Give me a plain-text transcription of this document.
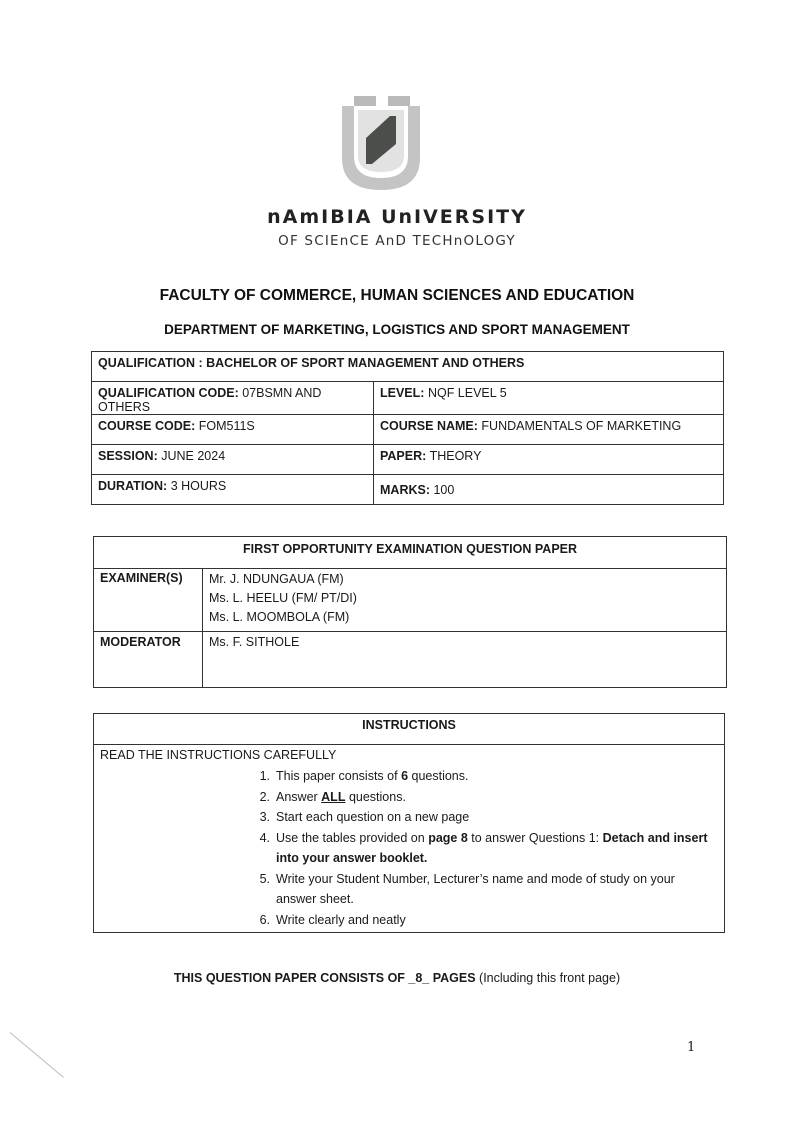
nAmIBIA UnIVERSITY
OF SCIEnCE AnD TECHnOLOGY
FACULTY OF COMMERCE, HUMAN SCIENCES AND EDUCATION
DEPARTMENT OF MARKETING, LOGISTICS AND SPORT MANAGEMENT
QUALIFICATION : BACHELOR OF SPORT MANAGEMENT AND OTHERS	
QUALIFICATION CODE: 07BSMN AND OTHERS	LEVEL: NQF LEVEL 5
COURSE CODE: FOM511S	COURSE NAME: FUNDAMENTALS OF MARKETING
SESSION: JUNE 2024	PAPER: THEORY
DURATION: 3 HOURS	MARKS: 100
FIRST OPPORTUNITY EXAMINATION QUESTION PAPER	
EXAMINER(S)	Mr. J. NDUNGAUA (FM)
Ms. L. HEELU (FM/ PT/DI)
Ms. L. MOOMBOLA (FM)

MODERATOR	Ms. F. SITHOLE
INSTRUCTIONS

READ THE INSTRUCTIONS CAREFULLY
1. This paper consists of 6 questions.
2. Answer ALL questions.
3. Start each question on a new page
4. Use the tables provided on page 8 to answer Questions 1: Detach and insert into your answer booklet.
5. Write your Student Number, Lecturer’s name and mode of study on your answer sheet.
6. Write clearly and neatly
THIS QUESTION PAPER CONSISTS OF _8_ PAGES (Including this front page)
1
